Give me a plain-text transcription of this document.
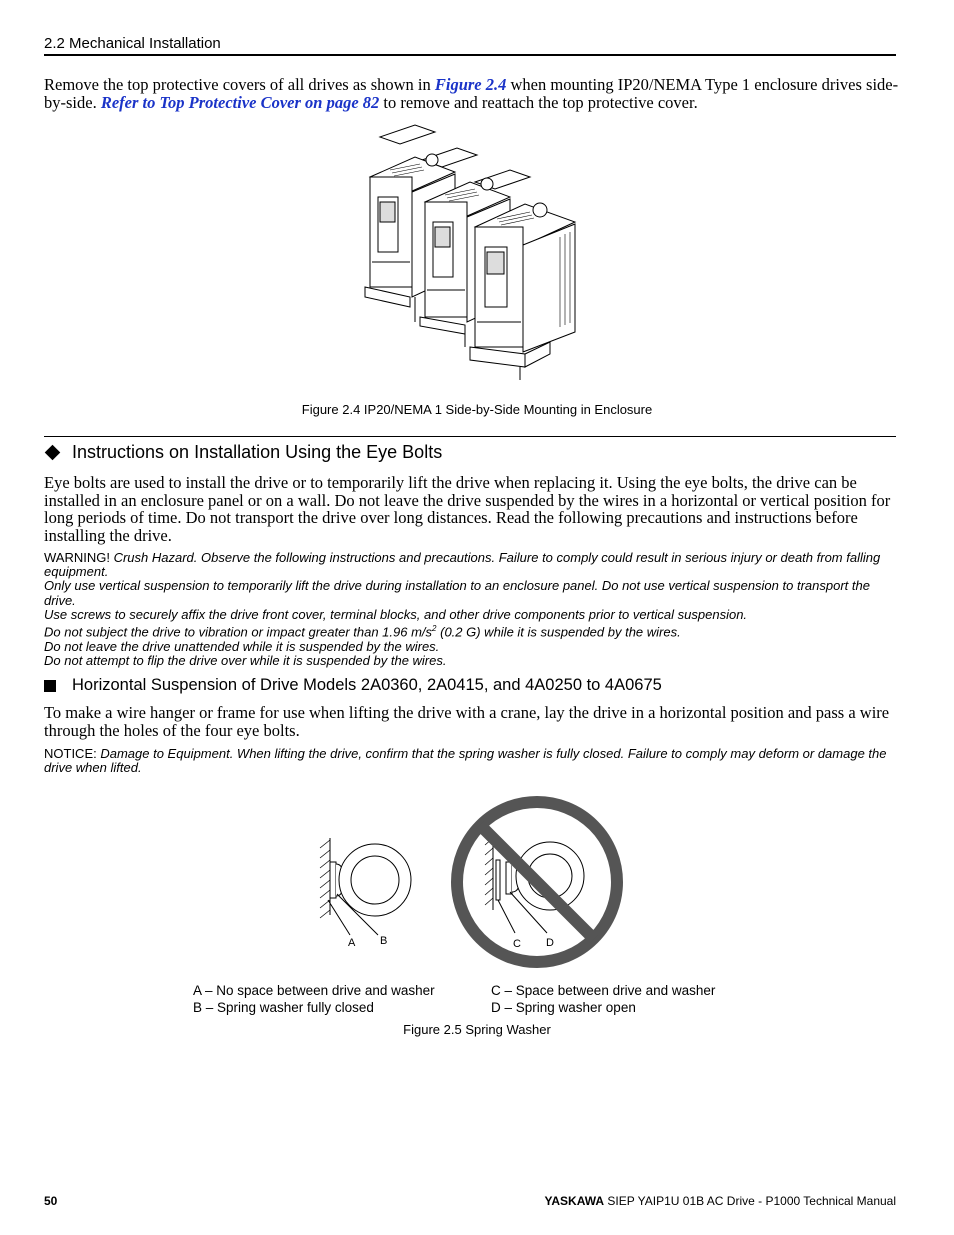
2.2 Mechanical Installation
Remove the top protective covers of all drives as shown in Figure 2.4 when mounting IP20/NEMA Type 1 enclosure drives side-by-side. Refer to Top Protective Cover on page 82 to remove and reattach the top protective cover.
Figure 2.4 IP20/NEMA 1 Side-by-Side Mounting in Enclosure
Instructions on Installation Using the Eye Bolts
Eye bolts are used to install the drive or to temporarily lift the drive when replacing it. Using the eye bolts, the drive can be installed in an enclosure panel or on a wall. Do not leave the drive suspended by the wires in a horizontal or vertical position for long periods of time. Do not transport the drive over long distances. Read the following precautions and instructions before installing the drive.
WARNING! Crush Hazard. Observe the following instructions and precautions. Failure to comply could result in serious injury or death from falling equipment.
Only use vertical suspension to temporarily lift the drive during installation to an enclosure panel. Do not use vertical suspension to transport the drive.
Use screws to securely affix the drive front cover, terminal blocks, and other drive components prior to vertical suspension.
Do not subject the drive to vibration or impact greater than 1.96 $m/s^2$ (0.2 G) while it is suspended by the wires.
Do not leave the drive unattended while it is suspended by the wires.
Do not attempt to flip the drive over while it is suspended by the wires.
Horizontal Suspension of Drive Models 2A0360, 2A0415, and 4A0250 to 4A0675
To make a wire hanger or frame for use when lifting the drive with a crane, lay the drive in a horizontal position and pass a wire through the holes of the four eye bolts.
NOTICE: Damage to Equipment. When lifting the drive, confirm that the spring washer is fully closed. Failure to comply may deform or damage the drive when lifted.
A B	C D
A – No space between drive and washer
B – Spring washer fully closed
C – Space between drive and washer
D – Spring washer open
Figure 2.5 Spring Washer
50	YASKAWA SIEP YAIP1U 01B AC Drive - P1000 Technical Manual
